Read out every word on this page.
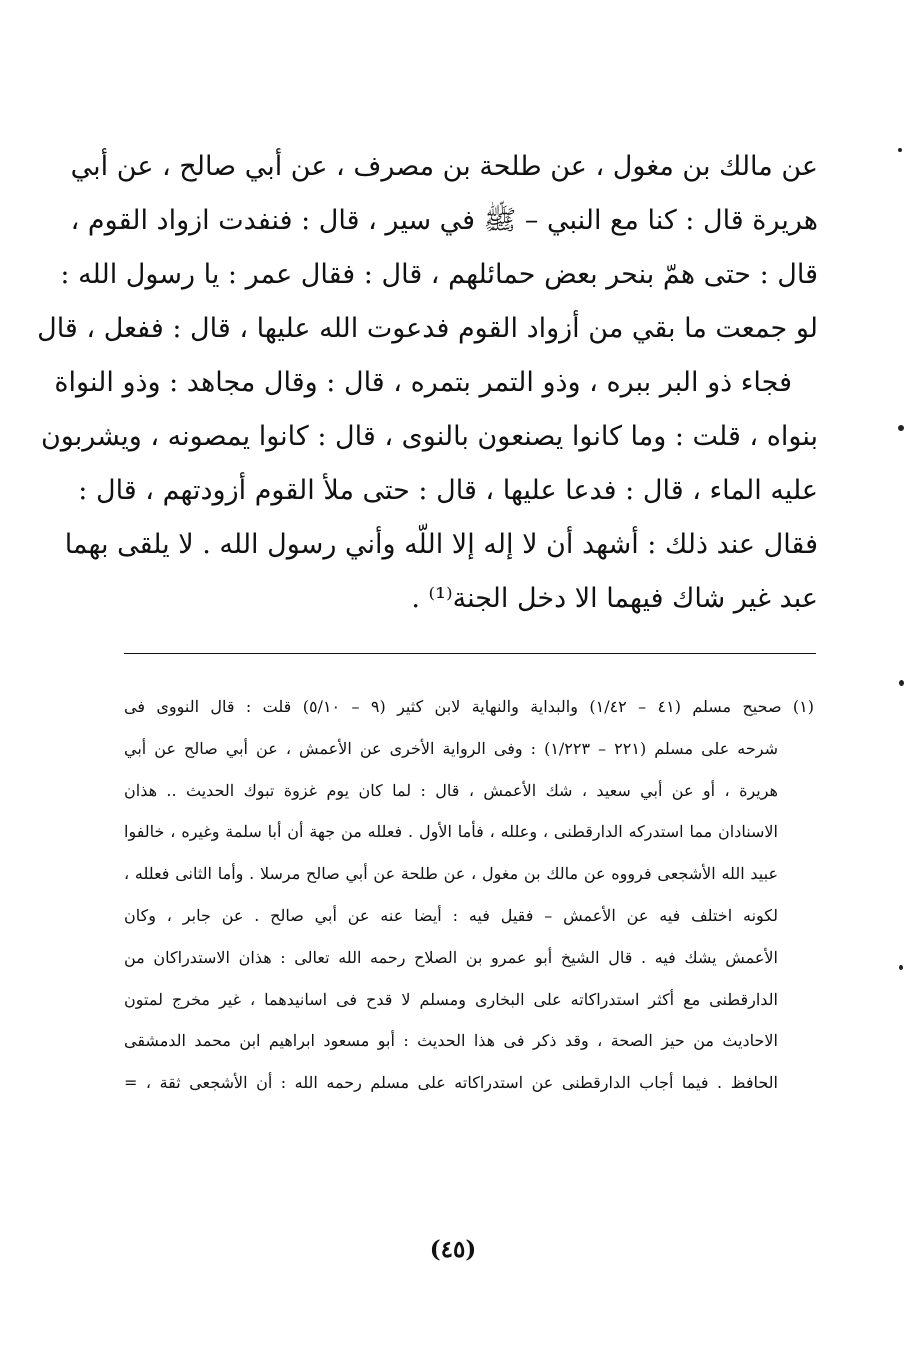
عن مالك بن مغول ، عن طلحة بن مصرف ، عن أبي صالح ، عن أبي
هريرة قال : كنا مع النبي – ﷺ في سير ، قال : فنفدت ازواد القوم ،
قال : حتى همّ بنحر بعض حمائلهم ، قال : فقال عمر : يا رسول الله :
لو جمعت ما بقي من أزواد القوم فدعوت الله عليها ، قال : ففعل ، قال
فجاء ذو البر ببره ، وذو التمر بتمره ، قال : وقال مجاهد : وذو النواة
بنواه ، قلت : وما كانوا يصنعون بالنوى ، قال : كانوا يمصونه ، ويشربون
عليه الماء ، قال : فدعا عليها ، قال : حتى ملأ القوم أزودتهم ، قال :
فقال عند ذلك : أشهد أن لا إله إلا اللّه وأني رسول الله . لا يلقى بهما
عبد غير شاك فيهما الا دخل الجنة⁽¹⁾ .
(١) صحيح مسلم (٤١ – ١/٤٢) والبداية والنهاية لابن كثير (٩ – ٥/١٠) قلت : قال النووى فى
شرحه على مسلم (٢٢١ – ١/٢٢٣) : وفى الرواية الأخرى عن الأعمش ، عن أبي صالح عن أبي
هريرة ، أو عن أبي سعيد ، شك الأعمش ، قال : لما كان يوم غزوة تبوك الحديث .. هذان
الاسنادان مما استدركه الدارقطنى ، وعلله ، فأما الأول . فعلله من جهة أن أبا سلمة وغيره ، خالفوا
عبيد الله الأشجعى فرووه عن مالك بن مغول ، عن طلحة عن أبي صالح مرسلا . وأما الثانى فعلله ،
لكونه اختلف فيه عن الأعمش – فقيل فيه : أيضا عنه عن أبي صالح . عن جابر ، وكان
الأعمش يشك فيه . قال الشيخ أبو عمرو بن الصلاح رحمه الله تعالى : هذان الاستدراكان من
الدارقطنى مع أكثر استدراكاته على البخارى ومسلم لا قدح فى اسانيدهما ، غير مخرج لمتون
الاحاديث من حيز الصحة ، وقد ذكر فى هذا الحديث : أبو مسعود ابراهيم ابن محمد الدمشقى
الحافظ . فيما أجاب الدارقطنى عن استدراكاته على مسلم رحمه الله : أن الأشجعى ثقة ، =
(٤٥)
